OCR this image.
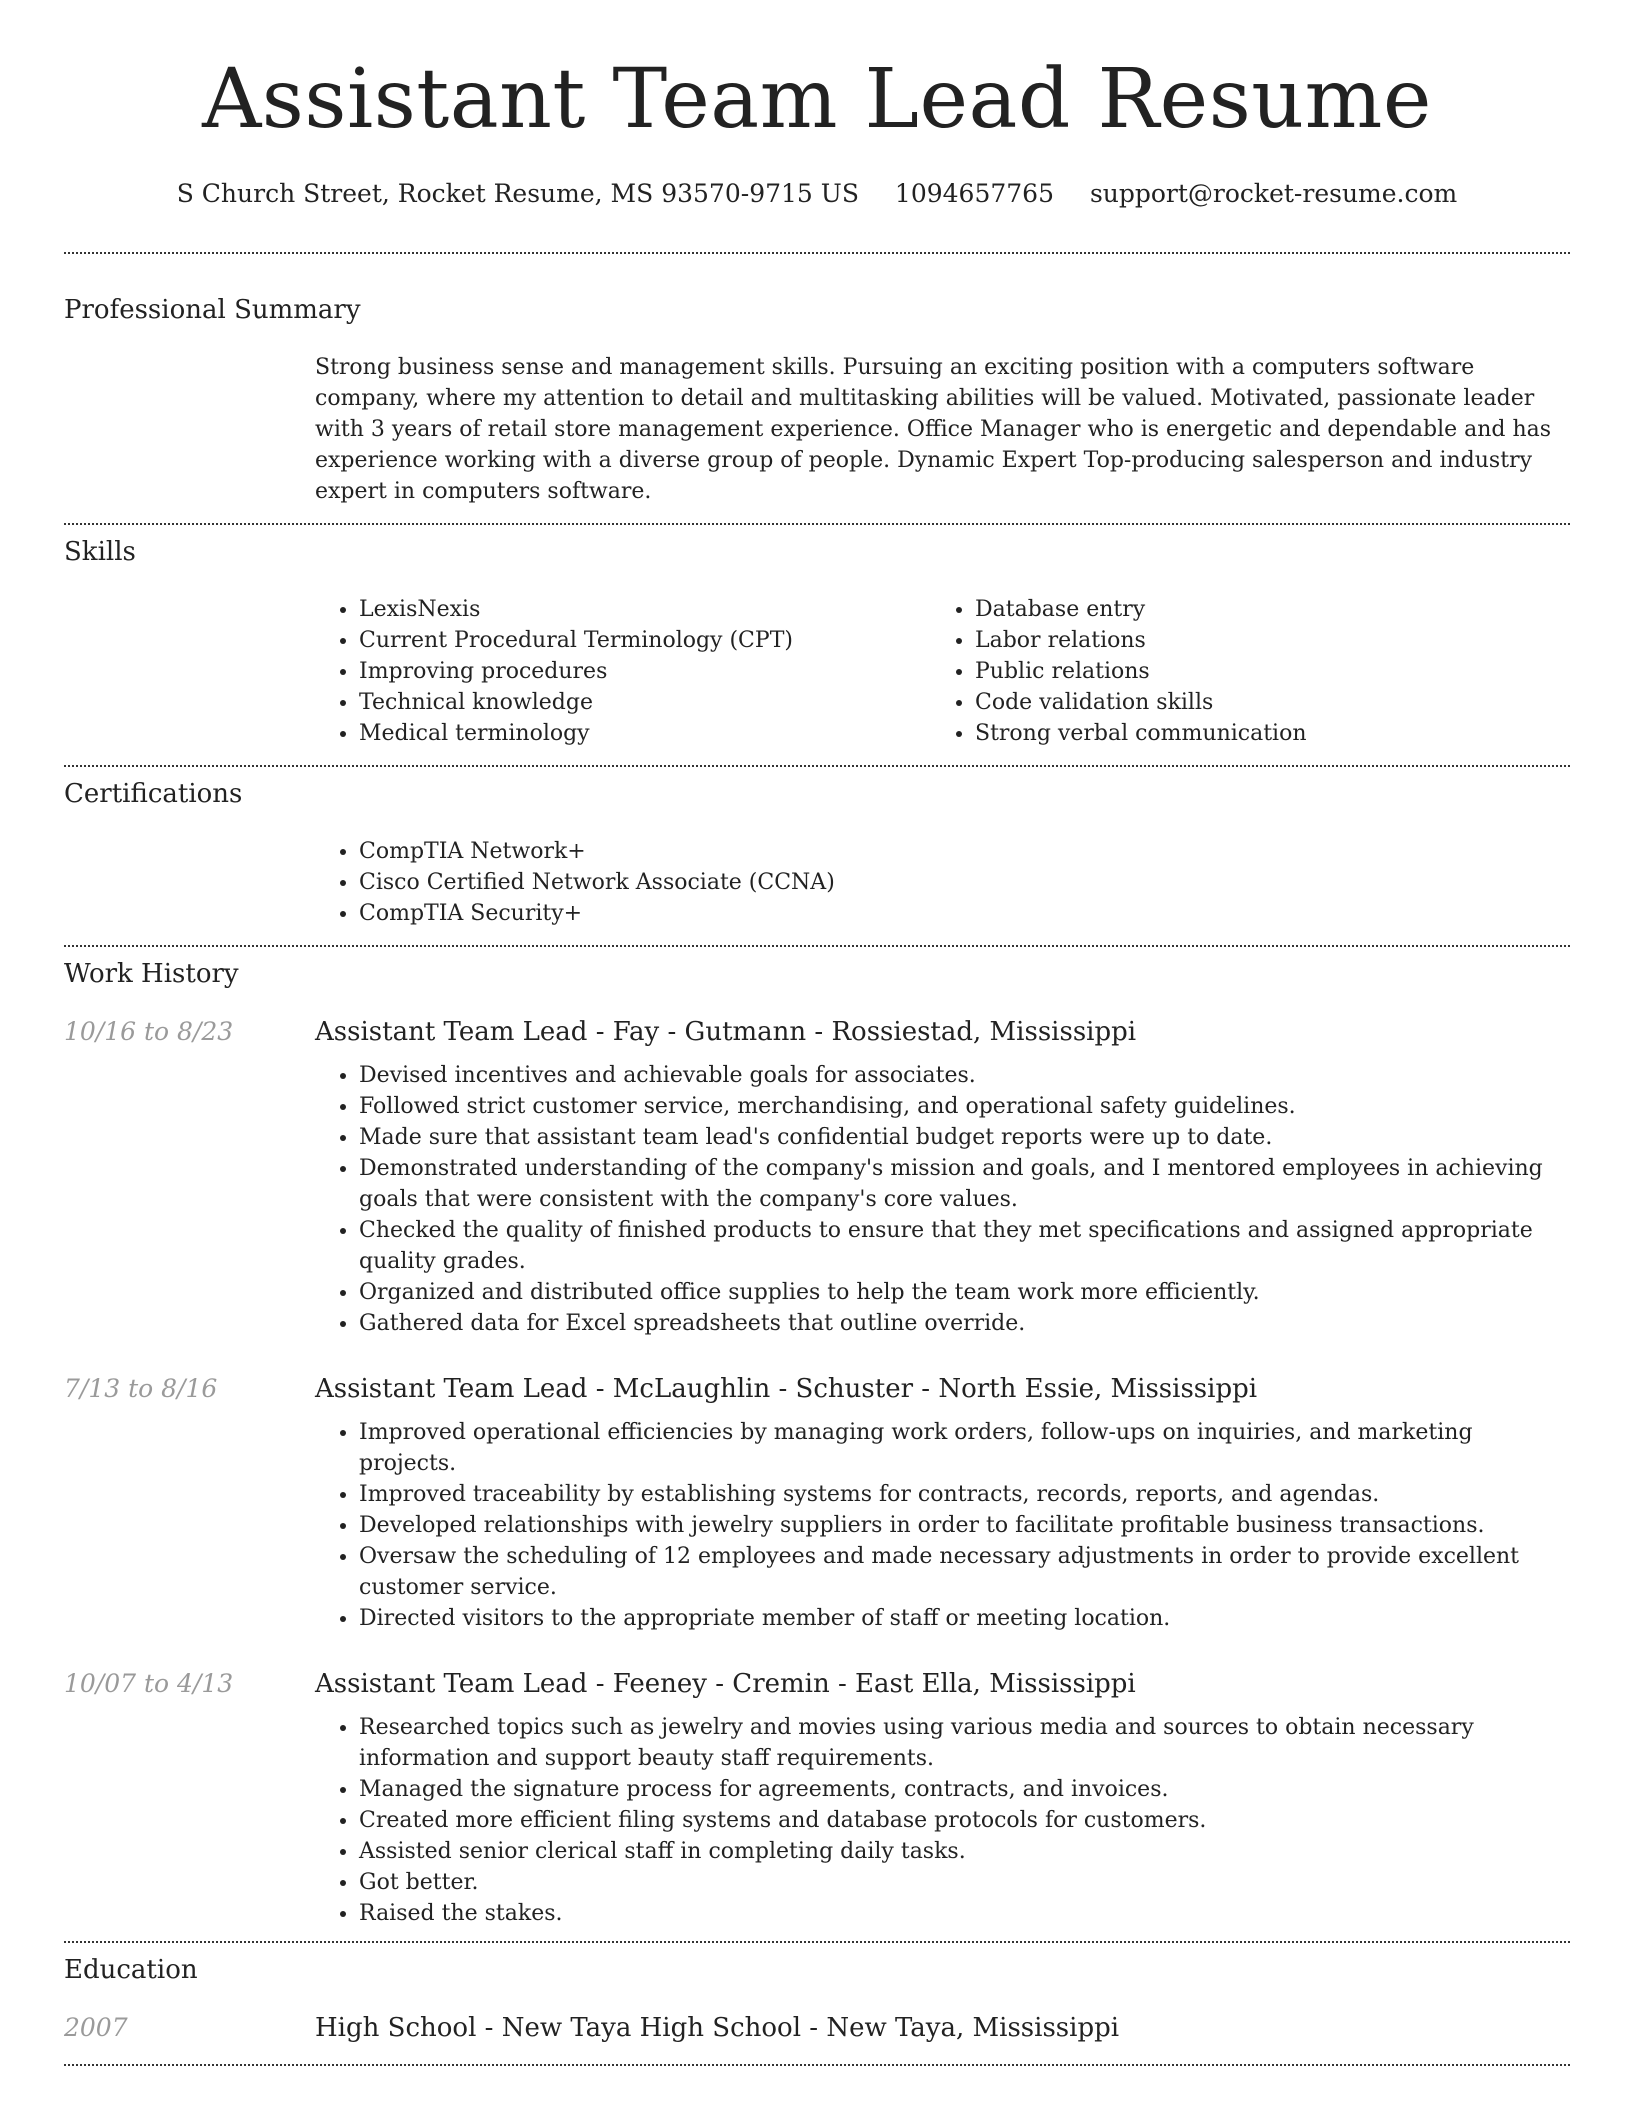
Assistant Team Lead Resume
S Church Street, Rocket Resume, MS 93570-9715 US 1094657765 support@rocket-resume.com
Professional Summary

Strong business sense and management skills. Pursuing an exciting position with a computers software company, where my attention to detail and multitasking abilities will be valued. Motivated, passionate leader with 3 years of retail store management experience. Office Manager who is energetic and dependable and has experience working with a diverse group of people. Dynamic Expert Top-producing salesperson and industry expert in computers software.

Skills
• LexisNexis
• Current Procedural Terminology (CPT)
• Improving procedures
• Technical knowledge
• Medical terminology
• Database entry
• Labor relations
• Public relations
• Code validation skills
• Strong verbal communication
Certifications
• CompTIA Network+
• Cisco Certified Network Associate (CCNA)
• CompTIA Security+
Work History
10/16 to 8/23	Assistant Team Lead - Fay - Gutmann - Rossiestad, Mississippi
• Devised incentives and achievable goals for associates.
• Followed strict customer service, merchandising, and operational safety guidelines.
• Made sure that assistant team lead's confidential budget reports were up to date.
• Demonstrated understanding of the company's mission and goals, and I mentored employees in achieving goals that were consistent with the company's core values.
• Checked the quality of finished products to ensure that they met specifications and assigned appropriate quality grades.
• Organized and distributed office supplies to help the team work more efficiently.
• Gathered data for Excel spreadsheets that outline override.
7/13 to 8/16	Assistant Team Lead - McLaughlin - Schuster - North Essie, Mississippi
• Improved operational efficiencies by managing work orders, follow-ups on inquiries, and marketing projects.
• Improved traceability by establishing systems for contracts, records, reports, and agendas.
• Developed relationships with jewelry suppliers in order to facilitate profitable business transactions.
• Oversaw the scheduling of 12 employees and made necessary adjustments in order to provide excellent customer service.
• Directed visitors to the appropriate member of staff or meeting location.
10/07 to 4/13	Assistant Team Lead - Feeney - Cremin - East Ella, Mississippi
• Researched topics such as jewelry and movies using various media and sources to obtain necessary information and support beauty staff requirements.
• Managed the signature process for agreements, contracts, and invoices.
• Created more efficient filing systems and database protocols for customers.
• Assisted senior clerical staff in completing daily tasks.
• Got better.
• Raised the stakes.
Education
2007	High School - New Taya High School - New Taya, Mississippi
